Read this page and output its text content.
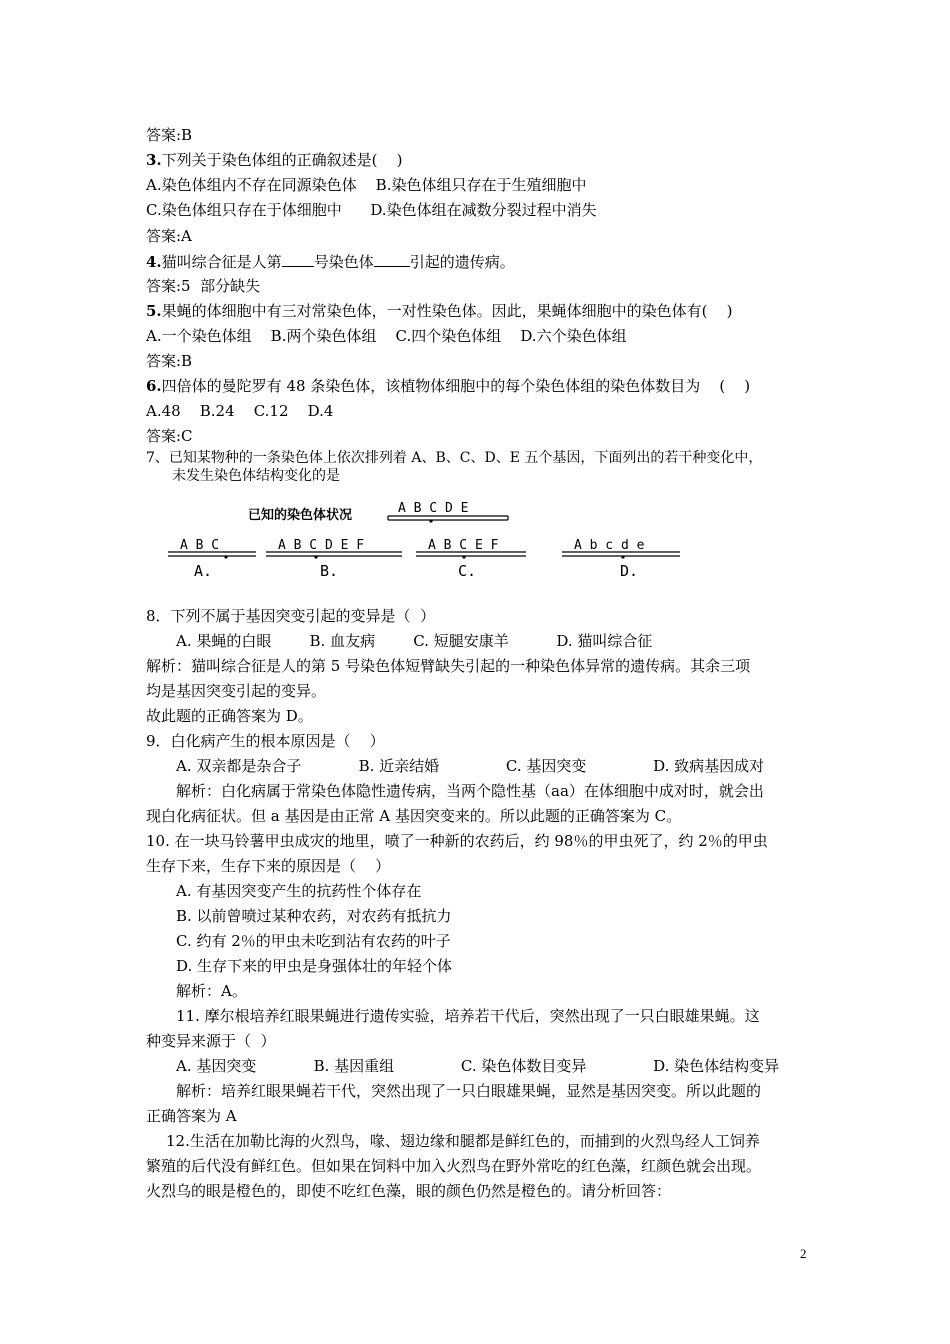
答案:B
3.下列关于染色体组的正确叙述是(    )
A.染色体组内不存在同源染色体    B.染色体组只存在于生殖细胞中
C.染色体组只存在于体细胞中      D.染色体组在减数分裂过程中消失
答案:A
4.猫叫综合征是人第 号染色体 引起的遗传病。
答案:5  部分缺失
5.果蝇的体细胞中有三对常染色体，一对性染色体。因此，果蝇体细胞中的染色体有(    )
A.一个染色体组    B.两个染色体组    C.四个染色体组    D.六个染色体组
答案:B
6.四倍体的曼陀罗有 48 条染色体，该植物体细胞中的每个染色体组的染色体数目为    (    )
A.48    B.24    C.12    D.4
答案:C
7、已知某物种的一条染色体上依次排列着 A、B、C、D、E 五个基因，下面列出的若干种变化中，
未发生染色体结构变化的是
已知的染色体状况	A B C D E
A B C
A.
A B C D E F
B.
A B C E F
C.
A b c d e
D.
8．下列不属于基因突变引起的变异是（  ）
A. 果蝇的白眼        B. 血友病        C. 短腿安康羊          D. 猫叫综合征
解析：猫叫综合征是人的第 5 号染色体短臂缺失引起的一种染色体异常的遗传病。其余三项
均是基因突变引起的变异。
故此题的正确答案为 D。
9．白化病产生的根本原因是（    ）
A. 双亲都是杂合子            B. 近亲结婚              C. 基因突变              D. 致病基因成对
解析：白化病属于常染色体隐性遗传病，当两个隐性基（aa）在体细胞中成对时，就会出
现白化病征状。但 a 基因是由正常 A 基因突变来的。所以此题的正确答案为 C。
10. 在一块马铃薯甲虫成灾的地里，喷了一种新的农药后，约 98％的甲虫死了，约 2％的甲虫
生存下来，生存下来的原因是（    ）
A. 有基因突变产生的抗药性个体存在
B. 以前曾喷过某种农药，对农药有抵抗力
C. 约有 2％的甲虫未吃到沾有农药的叶子
D. 生存下来的甲虫是身强体壮的年轻个体
解析：A。
11. 摩尔根培养红眼果蝇进行遗传实验，培养若干代后，突然出现了一只白眼雄果蝇。这
种变异来源于（  ）
A. 基因突变            B. 基因重组              C. 染色体数目变异              D. 染色体结构变异
解析：培养红眼果蝇若干代，突然出现了一只白眼雄果蝇，显然是基因突变。所以此题的
正确答案为 A
12.生活在加勒比海的火烈鸟，喙、翅边缘和腿都是鲜红色的，而捕到的火烈鸟经人工饲养
繁殖的后代没有鲜红色。但如果在饲料中加入火烈鸟在野外常吃的红色藻，红颜色就会出现。
火烈乌的眼是橙色的，即使不吃红色藻，眼的颜色仍然是橙色的。请分析回答：
2
